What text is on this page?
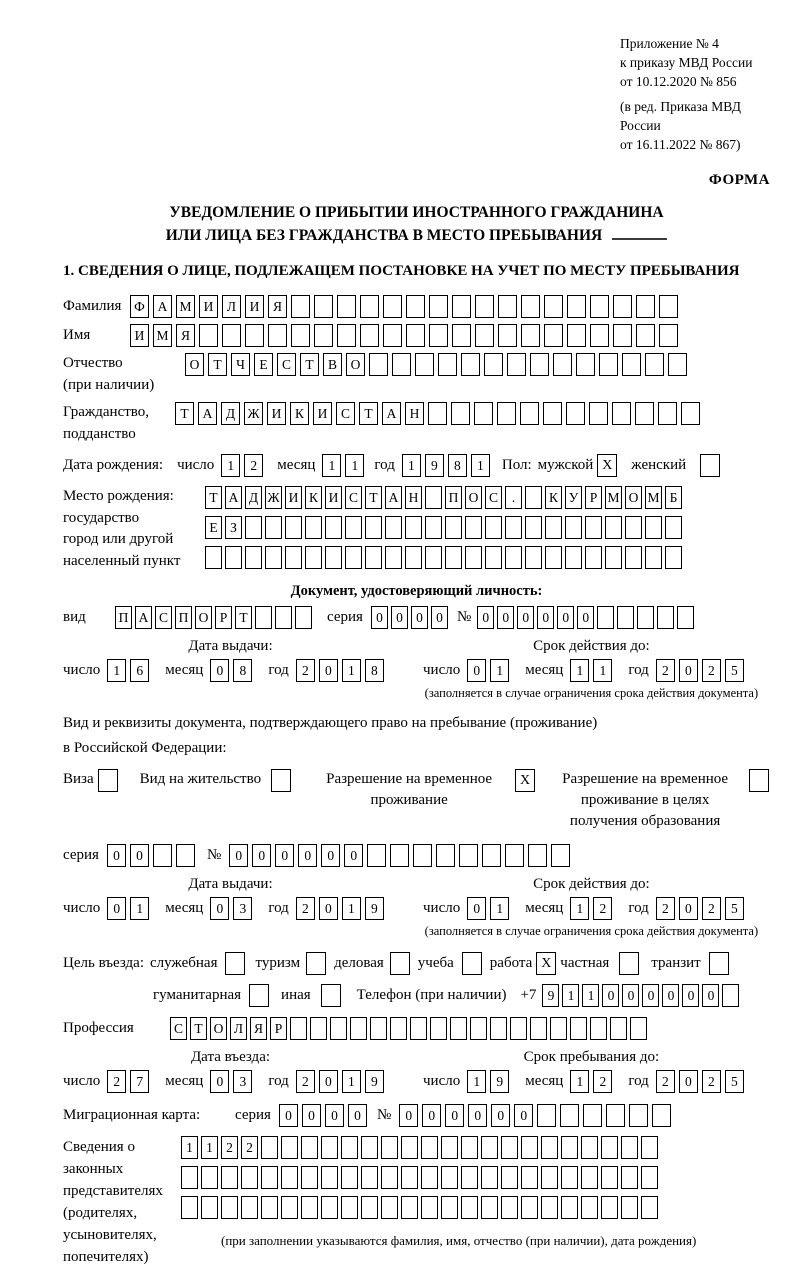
Приложение № 4
к приказу МВД России
от 10.12.2020 № 856
(в ред. Приказа МВД России
от 16.11.2022 № 867)
ФОРМА
УВЕДОМЛЕНИЕ О ПРИБЫТИИ ИНОСТРАННОГО ГРАЖДАНИНА
ИЛИ ЛИЦА БЕЗ ГРАЖДАНСТВА В МЕСТО ПРЕБЫВАНИЯ
1. СВЕДЕНИЯ О ЛИЦЕ, ПОДЛЕЖАЩЕМ ПОСТАНОВКЕ НА УЧЕТ ПО МЕСТУ ПРЕБЫВАНИЯ
Фамилия Ф А М И	Л	И	Я
Имя	И М Я
Отчество
(при наличии)
О	Т	Ч	Е	С	Т	В	О
Гражданство,
подданство
Т	А	Д Ж И	К	И	С	Т	А Н
Дата рождения: число 1	2	месяц 1	1	год 1	9	8	1	Пол: мужской X	женский
Место рождения:
государство
город или другой
населенный пункт
Т А Д Ж И К И С Т А Н П О С	.	К У Р М О М Б

Е З

Документ, удостоверяющий личность:
вид	П А С П О Р Т	серия 0 0 0 0 № 0 0 0 0 0 0
Дата выдачи:
число 1	6	месяц 0	8	год 2	0	1	8
Срок действия до:
число 0	1	месяц 1	1	год 2	0	2	5
(заполняется в случае ограничения срока действия документа)
Вид и реквизиты документа, подтверждающего право на пребывание (проживание)
в Российской Федерации:
Виза	Вид на жительство	Разрешение на временное
проживание
X	Разрешение на временное
проживание в целях
получения образования
серия	0	0	№	0	0	0	0	0	0
Дата выдачи:
число 0	1	месяц 0	3	год 2	0	1	9
Срок действия до:
число 0	1	месяц 1	2	год 2	0	2	5
(заполняется в случае ограничения срока действия документа)
Цель въезда: служебная	туризм деловая учеба работа X частная	транзит
гуманитарная	иная	Телефон (при наличии) +7 9 1 1 0 0 0 0 0 0
Профессия	С Т О Л Я Р
Дата въезда:
число 2	7	месяц 0	3	год 2	0	1	9
Срок пребывания до:
число 1	9	месяц 1	2	год 2	0	2	5
Миграционная карта:	серия	0	0	0	0	№	0	0	0	0	0	0
Сведения о
законных
представителях
(родителях,
усыновителях,
попечителях)
1 1 2 2

(при заполнении указываются фамилия, имя, отчество (при наличии), дата рождения)
